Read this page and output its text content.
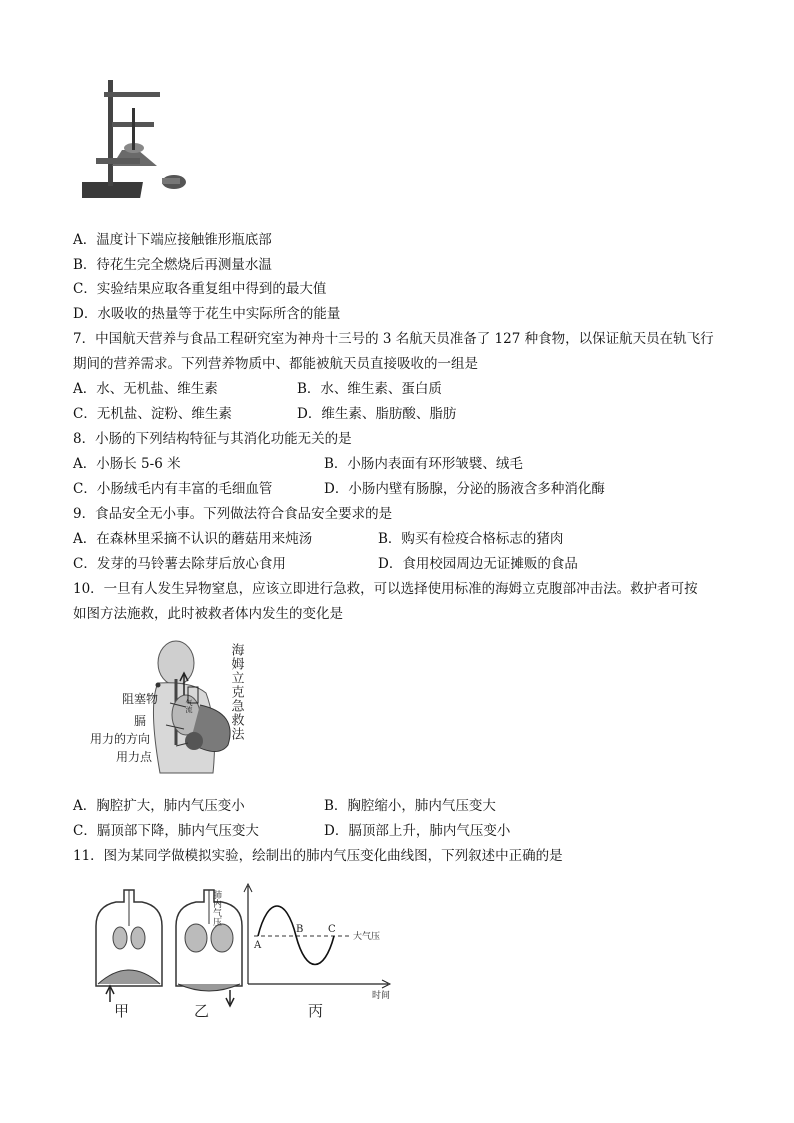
A．温度计下端应接触锥形瓶底部
B．待花生完全燃烧后再测量水温
C．实验结果应取各重复组中得到的最大值
D．水吸收的热量等于花生中实际所含的能量
7．中国航天营养与食品工程研究室为神舟十三号的 3 名航天员准备了 127 种食物，以保证航天员在轨飞行
期间的营养需求。下列营养物质中、都能被航天员直接吸收的一组是
A．水、无机盐、维生素	B．水、维生素、蛋白质
C．无机盐、淀粉、维生素	D．维生素、脂肪酸、脂肪
8．小肠的下列结构特征与其消化功能无关的是
A．小肠长 5-6 米	B．小肠内表面有环形皱襞、绒毛
C．小肠绒毛内有丰富的毛细血管	D．小肠内壁有肠腺，分泌的肠液含多种消化酶
9．食品安全无小事。下列做法符合食品安全要求的是
A．在森林里采摘不认识的蘑菇用来炖汤	B．购买有检疫合格标志的猪肉
C．发芽的马铃薯去除芽后放心食用	D．食用校园周边无证摊贩的食品
10．一旦有人发生异物窒息，应该立即进行急救，可以选择使用标准的海姆立克腹部冲击法。救护者可按
如图方法施救，此时被救者体内发生的变化是
气流
阻塞物
膈
用力的方向
用力点
海姆立克急救法
A．胸腔扩大，肺内气压变小	B．胸腔缩小，肺内气压变大
C．膈顶部下降，肺内气压变大	D．膈顶部上升，肺内气压变小
11．图为某同学做模拟实验，绘制出的肺内气压变化曲线图，下列叙述中正确的是
甲	乙
肺内气压
时间
大气压
A
B C
丙
